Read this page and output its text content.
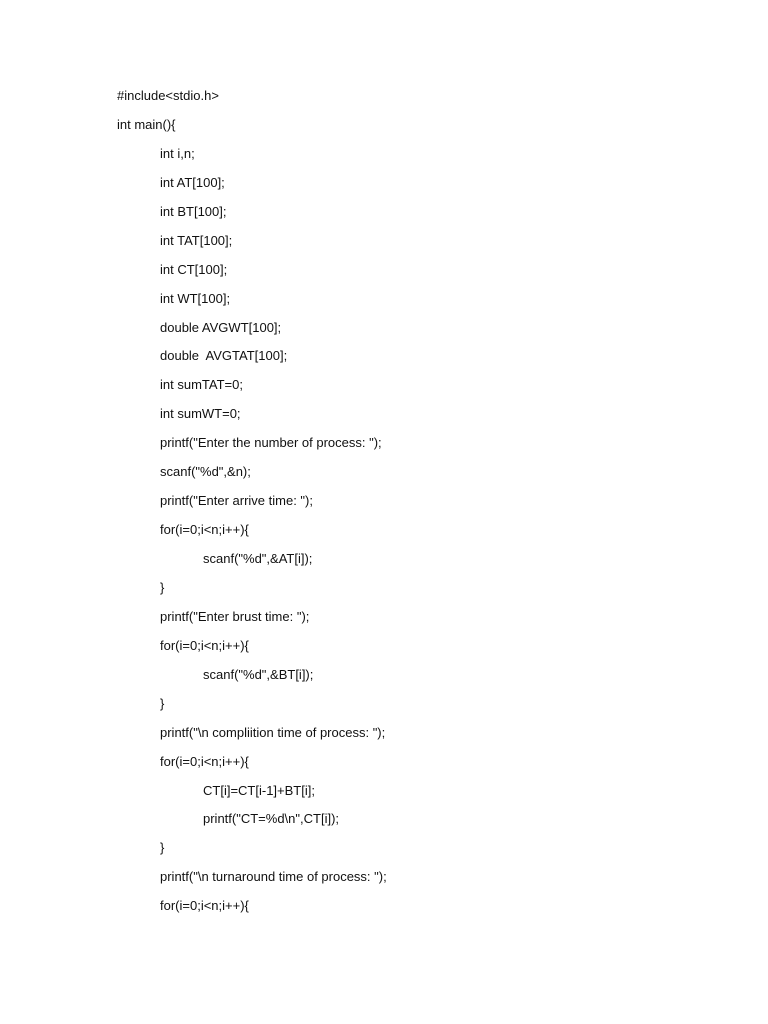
#include<stdio.h>
int main(){
int i,n;
int AT[100];
int BT[100];
int TAT[100];
int CT[100];
int WT[100];
double AVGWT[100];
double  AVGTAT[100];
int sumTAT=0;
int sumWT=0;
printf("Enter the number of process: ");
scanf("%d",&n);
printf("Enter arrive time: ");
for(i=0;i<n;i++){
scanf("%d",&AT[i]);
}
printf("Enter brust time: ");
for(i=0;i<n;i++){
scanf("%d",&BT[i]);
}
printf("\n compliition time of process: ");
for(i=0;i<n;i++){
CT[i]=CT[i-1]+BT[i];
printf("CT=%d\n",CT[i]);
}
printf("\n turnaround time of process: ");
for(i=0;i<n;i++){
